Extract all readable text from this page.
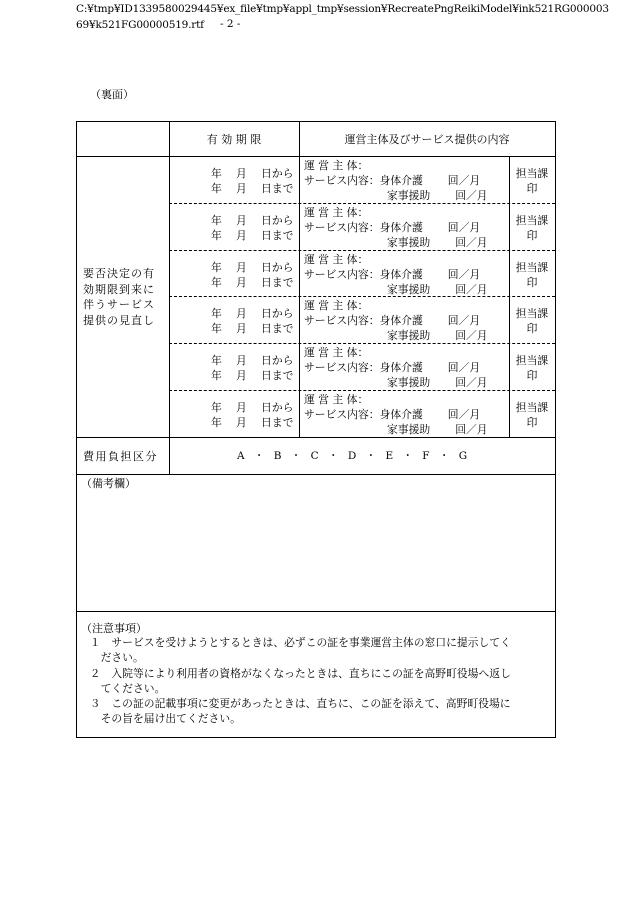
C:¥tmp¥ID1339580029445¥ex_file¥tmp¥appl_tmp¥session¥RecreatePngReikiModel¥ink521RG000003
69¥k521FG00000519.rtf - 2 -
（裏面）
有 効 期 限	運営主体及びサービス提供の内容
要否決定の有
効期限到来に
伴うサービス
提供の見直し
年　 月　 日から
年　 月　 日まで
運 営 主 体：
サービス内容：身体介護　　 回／月
家事援助　　 回／月
担当課
印
年　 月　 日から
年　 月　 日まで
運 営 主 体：
サービス内容：身体介護　　 回／月
家事援助　　 回／月
担当課
印
年　 月　 日から
年　 月　 日まで
運 営 主 体：
サービス内容：身体介護　　 回／月
家事援助　　 回／月
担当課
印
年　 月　 日から
年　 月　 日まで
運 営 主 体：
サービス内容：身体介護　　 回／月
家事援助　　 回／月
担当課
印
年　 月　 日から
年　 月　 日まで
運 営 主 体：
サービス内容：身体介護　　 回／月
家事援助　　 回／月
担当課
印
年　 月　 日から
年　 月　 日まで
運 営 主 体：
サービス内容：身体介護　　 回／月
家事援助　　 回／月
担当課
印
費用負担区分	A ・ B ・ C ・ D ・ E ・ F ・ G
（備考欄）
（注意事項）
　１　サービスを受けようとするときは、必ずこの証を事業運営主体の窓口に提示してく
　　ださい。
　２　入院等により利用者の資格がなくなったときは、直ちにこの証を高野町役場へ返し
　　てください。
　３　この証の記載事項に変更があったときは、直ちに、この証を添えて、高野町役場に
　　その旨を届け出てください。
